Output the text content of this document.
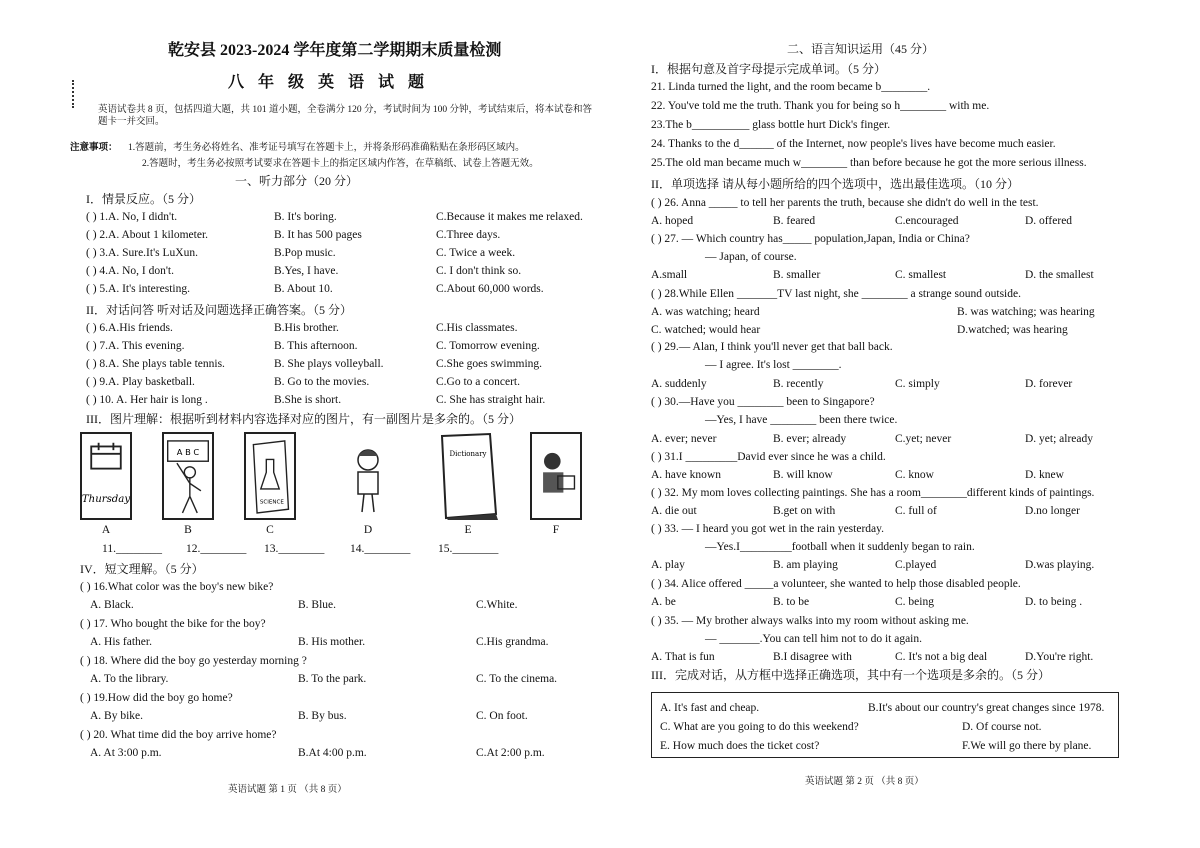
乾安县 2023-2024 学年度第二学期期末质量检测
八年级英语试题
英语试卷共 8 页，包括四道大题，共 101 道小题，全卷满分 120 分，考试时间为 100 分钟，考试结束后，将本试卷和答题卡一并交回。
注意事项： 1.答题前，考生务必将姓名、准考证号填写在答题卡上，并将条形码准确粘贴在条形码区域内。
2.答题时，考生务必按照考试要求在答题卡上的指定区域内作答，在草稿纸、试卷上答题无效。
一、听力部分（20 分）
I．情景反应。（5 分）
( ) 1.A. No, I didn't.	B. It's boring.	C.Because it makes me relaxed.
( ) 2.A. About 1 kilometer.	B. It has 500 pages	C.Three days.
( ) 3.A. Sure.It's LuXun.	B.Pop music.	C. Twice a week.
( ) 4.A. No, I don't.	B.Yes, I have.	C. I don't think so.
( ) 5.A. It's interesting.	B. About 10.	C.About 60,000 words.
II．对话问答 听对话及问题选择正确答案。（5 分）
( ) 6.A.His friends.	B.His brother.	C.His classmates.
( ) 7.A. This evening.	B. This afternoon.	C. Tomorrow evening.
( ) 8.A. She plays table tennis.	B. She plays volleyball.	C.She goes swimming.
( ) 9.A. Play basketball.	B. Go to the movies.	C.Go to a concert.
( ) 10. A. Her hair is long .	B.She is short.	C. She has straight hair.
III．图片理解：根据听到材料内容选择对应的图片，有一副图片是多余的。（5 分）
Thursday
A B C
SCIENCE
Dictionary
A	B	C	D	E	F
11.________ 12.________ 13.________ 14.________ 15.________
IV．短文理解。（5 分）
( ) 16.What color was the boy's new bike?
A. Black.	B. Blue.	C.White.
( ) 17. Who bought the bike for the boy?
A. His father.	B. His mother.	C.His grandma.
( ) 18. Where did the boy go yesterday morning ?
A. To the library.	B. To the park.	C. To the cinema.
( ) 19.How did the boy go home?
A. By bike.	B. By bus.	C. On foot.
( ) 20. What time did the boy arrive home?
A. At 3:00 p.m.	B.At 4:00 p.m.	C.At 2:00 p.m.
英语试题 第 1 页 （共 8 页）
二、语言知识运用（45 分）
I．根据句意及首字母提示完成单词。（5 分）
21. Linda turned the light, and the room became b________.
22. You've told me the truth. Thank you for being so h________ with me.
23.The b__________ glass bottle hurt Dick's finger.
24. Thanks to the d______ of the Internet, now people's lives have become much easier.
25.The old man became much w________ than before because he got the more serious illness.
II．单项选择 请从每小题所给的四个选项中，选出最佳选项。（10 分）
( ) 26. Anna _____ to tell her parents the truth, because she didn't do well in the test.
A. hoped	B. feared	C.encouraged	D. offered
( ) 27. — Which country has_____ population,Japan, India or China?
— Japan, of course.
A.small	B. smaller	C. smallest	D. the smallest
( ) 28.While Ellen _______TV last night, she ________ a strange sound outside.
( ) 29.— Alan, I think you'll never get that ball back.
— I agree. It's lost ________.
A. suddenly	B. recently	C. simply	D. forever
( ) 30.—Have you ________ been to Singapore?
—Yes, I have ________ been there twice.
A. ever; never	B. ever; already	C.yet; never	D. yet; already
( ) 31.I _________David ever since he was a child.
A. have known	B. will know	C. know	D. knew
( ) 32. My mom loves collecting paintings. She has a room________different kinds of paintings.
A. die out	B.get on with	C. full of	D.no longer
( ) 33. — I heard you got wet in the rain yesterday.
—Yes.I_________football when it suddenly began to rain.
A. play	B. am playing	C.played	D.was playing.
( ) 34. Alice offered _____a volunteer, she wanted to help those disabled people.
A. be	B. to be	C. being	D. to being .
( ) 35. — My brother always walks into my room without asking me.
— _______.You can tell him not to do it again.
A. That is fun	B.I disagree with	C. It's not a big deal	D.You're right.
A. was watching; heard	B. was watching; was hearing
C. watched; would hear	D.watched; was hearing
III．完成对话，从方框中选择正确选项，其中有一个选项是多余的。（5 分）
A. It's fast and cheap.	B.It's about our country's great changes since 1978.
C. What are you going to do this weekend?	D. Of course not.
E. How much does the ticket cost?	F.We will go there by plane.
英语试题 第 2 页 （共 8 页）
